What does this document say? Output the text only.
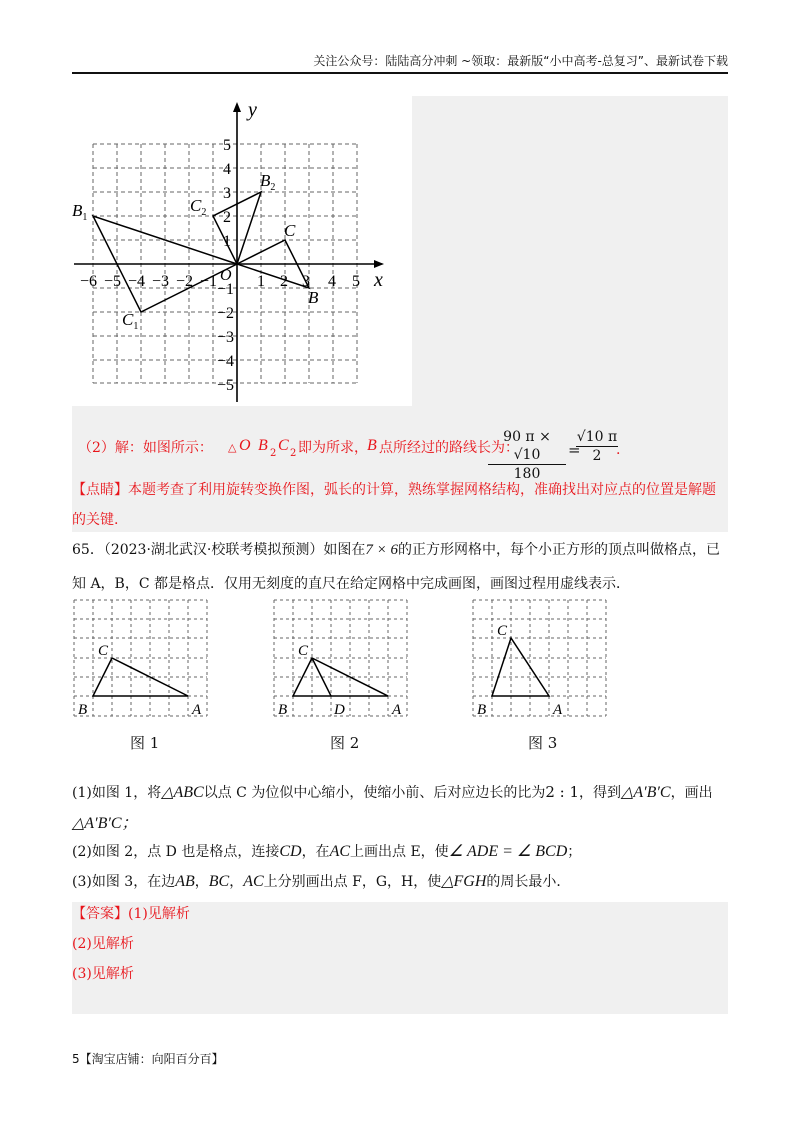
关注公众号：陆陆高分冲刺 ~领取：最新版“小中高考-总复习”、最新试卷下载
y
x
O
−6 −5 −4 −3 −2 −1 1 2 3 4 5
5
4
3
2
1
−1
−2
−3
−4
−5
$B_1$
$B_2$
$C_2$
C
B
$C_1$
（2）解：如图所示： △ O B 2 C 2 即为所求， B 点所经过的路线长为：
$\frac{90 \pi \times √10}{180}$ =
$\frac{√10 \pi}{2}$
.
【点睛】本题考查了利用旋转变换作图，弧长的计算，熟练掌握网格结构，准确找出对应点的位置是解题
的关键.
65．（2023·湖北武汉·校联考模拟预测）如图在7 × 6的正方形网格中，每个小正方形的顶点叫做格点，已
知 A，B，C 都是格点．仅用无刻度的直尺在给定网格中完成画图，画图过程用虚线表示．
C
B	A
图 1
C
B	D	A
图 2
C
B	A
图 3
(1)如图 1，将△ABC以点 C 为位似中心缩小，使缩小前、后对应边长的比为2 : 1，得到△A′B′C，画出
△A′B′C；
(2)如图 2，点 D 也是格点，连接CD，在AC上画出点 E，使∠ ADE = ∠ BCD；
(3)如图 3，在边AB，BC，AC上分别画出点 F，G，H，使△FGH的周长最小．
【答案】(1)见解析
(2)见解析
(3)见解析
5【淘宝店铺：向阳百分百】
